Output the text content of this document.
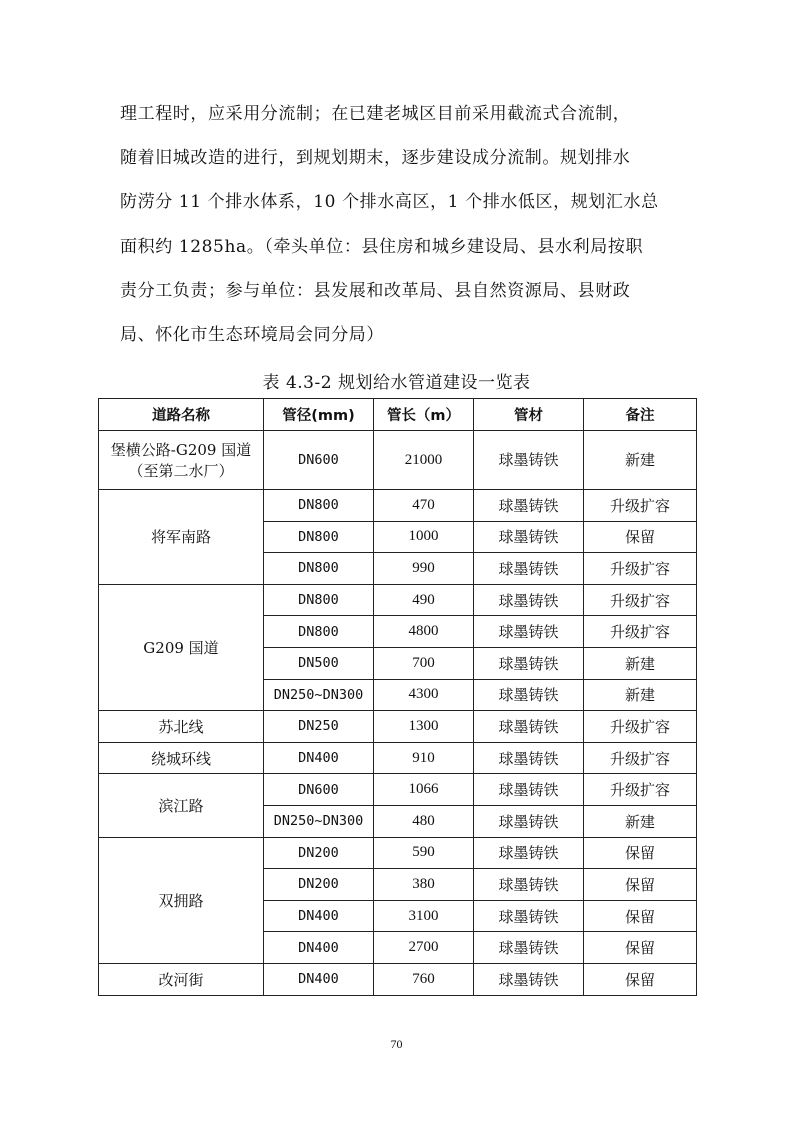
理工程时，应采用分流制；在已建老城区目前采用截流式合流制，
随着旧城改造的进行，到规划期末，逐步建设成分流制。规划排水
防涝分 11 个排水体系，10 个排水高区，1 个排水低区，规划汇水总
面积约 1285ha。（牵头单位：县住房和城乡建设局、县水利局按职
责分工负责；参与单位：县发展和改革局、县自然资源局、县财政
局、怀化市生态环境局会同分局）
表 4.3-2 规划给水管道建设一览表
道路名称	管径(mm)	管长（m）	管材	备注

堡横公路-G209 国道
（至第二水厂）	DN600	21000	球墨铸铁	新建

将军南路	DN800	470	球墨铸铁	升级扩容
	DN800	1000	球墨铸铁	保留
	DN800	990	球墨铸铁	升级扩容

G209 国道	DN800	490	球墨铸铁	升级扩容
	DN800	4800	球墨铸铁	升级扩容
	DN500	700	球墨铸铁	新建
	DN250~DN300	4300	球墨铸铁	新建

苏北线	DN250	1300	球墨铸铁	升级扩容

绕城环线	DN400	910	球墨铸铁	升级扩容

滨江路	DN600	1066	球墨铸铁	升级扩容
	DN250~DN300	480	球墨铸铁	新建

双拥路	DN200	590	球墨铸铁	保留
	DN200	380	球墨铸铁	保留
	DN400	3100	球墨铸铁	保留
	DN400	2700	球墨铸铁	保留

改河街	DN400	760	球墨铸铁	保留
70
